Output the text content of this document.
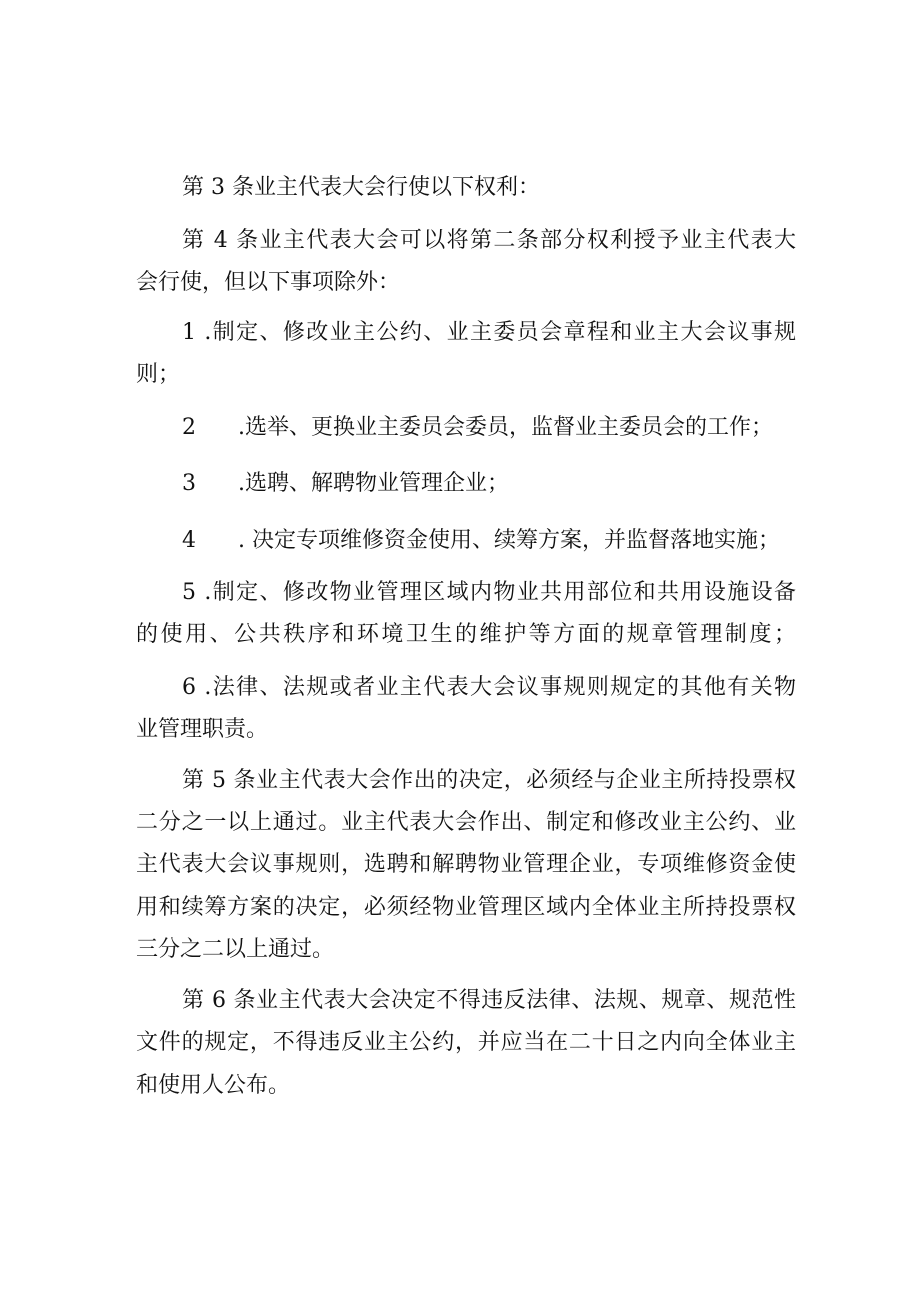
第 3 条业主代表大会行使以下权利：
第 4 条业主代表大会可以将第二条部分权利授予业主代表大
会行使，但以下事项除外：
1 .制定、修改业主公约、业主委员会章程和业主大会议事规
则；
2 .选举、更换业主委员会委员，监督业主委员会的工作；
3 .选聘、解聘物业管理企业；
4 . 决定专项维修资金使用、续筹方案，并监督落地实施；
5 .制定、修改物业管理区域内物业共用部位和共用设施设备
的使用、公共秩序和环境卫生的维护等方面的规章管理制度；
6 .法律、法规或者业主代表大会议事规则规定的其他有关物
业管理职责。
第 5 条业主代表大会作出的决定，必须经与企业主所持投票权
二分之一以上通过。业主代表大会作出、制定和修改业主公约、业
主代表大会议事规则，选聘和解聘物业管理企业，专项维修资金使
用和续筹方案的决定，必须经物业管理区域内全体业主所持投票权
三分之二以上通过。
第 6 条业主代表大会决定不得违反法律、法规、规章、规范性
文件的规定，不得违反业主公约，并应当在二十日之内向全体业主
和使用人公布。
